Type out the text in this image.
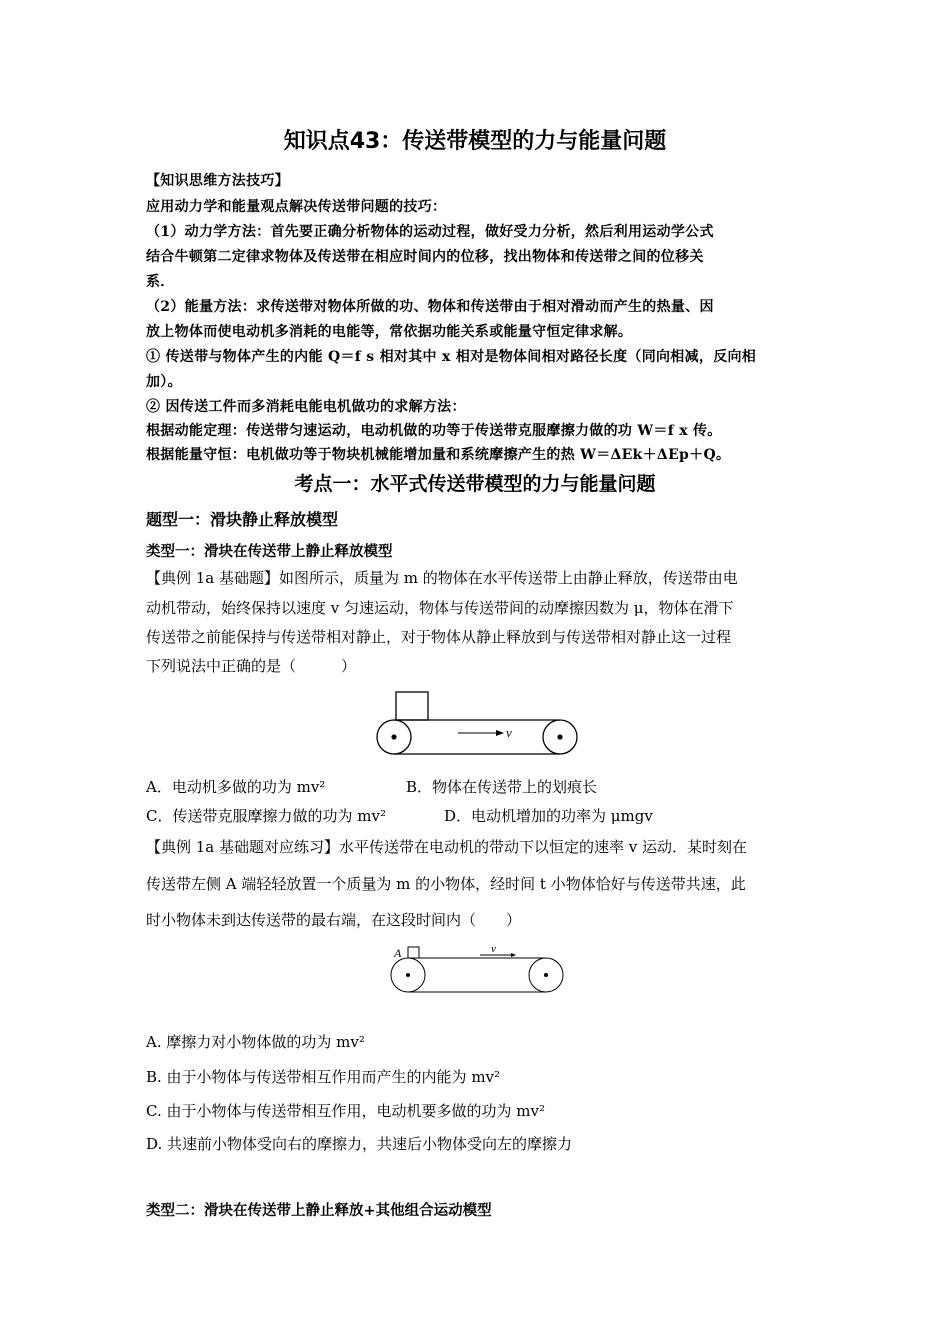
知识点43：传送带模型的力与能量问题
【知识思维方法技巧】
应用动力学和能量观点解决传送带问题的技巧：
（1）动力学方法：首先要正确分析物体的运动过程，做好受力分析，然后利用运动学公式
结合牛顿第二定律求物体及传送带在相应时间内的位移，找出物体和传送带之间的位移关
系．
（2）能量方法：求传送带对物体所做的功、物体和传送带由于相对滑动而产生的热量、因
放上物体而使电动机多消耗的电能等，常依据功能关系或能量守恒定律求解。
① 传送带与物体产生的内能 Q＝f s 相对其中 x 相对是物体间相对路径长度（同向相减，反向相
加）。
② 因传送工件而多消耗电能电机做功的求解方法：
根据动能定理：传送带匀速运动，电动机做的功等于传送带克服摩擦力做的功 W＝f x 传。
根据能量守恒：电机做功等于物块机械能增加量和系统摩擦产生的热 W＝ΔEk＋ΔEp＋Q。
考点一：水平式传送带模型的力与能量问题
题型一：滑块静止释放模型
类型一：滑块在传送带上静止释放模型
【典例 1a 基础题】如图所示，质量为 m 的物体在水平传送带上由静止释放，传送带由电
动机带动，始终保持以速度 v 匀速运动，物体与传送带间的动摩擦因数为 μ，物体在滑下
传送带之前能保持与传送带相对静止，对于物体从静止释放到与传送带相对静止这一过程
下列说法中正确的是（　　　）
v
A．电动机多做的功为 mv²	B．物体在传送带上的划痕长
C．传送带克服摩擦力做的功为 mv²	D．电动机增加的功率为 μmgv
【典例 1a 基础题对应练习】水平传送带在电动机的带动下以恒定的速率 v 运动．某时刻在
传送带左侧 A 端轻轻放置一个质量为 m 的小物体，经时间 t 小物体恰好与传送带共速，此
时小物体未到达传送带的最右端，在这段时间内（　　）
A	v
A. 摩擦力对小物体做的功为 mv²
B. 由于小物体与传送带相互作用而产生的内能为 mv²
C. 由于小物体与传送带相互作用，电动机要多做的功为 mv²
D. 共速前小物体受向右的摩擦力，共速后小物体受向左的摩擦力
类型二：滑块在传送带上静止释放+其他组合运动模型
